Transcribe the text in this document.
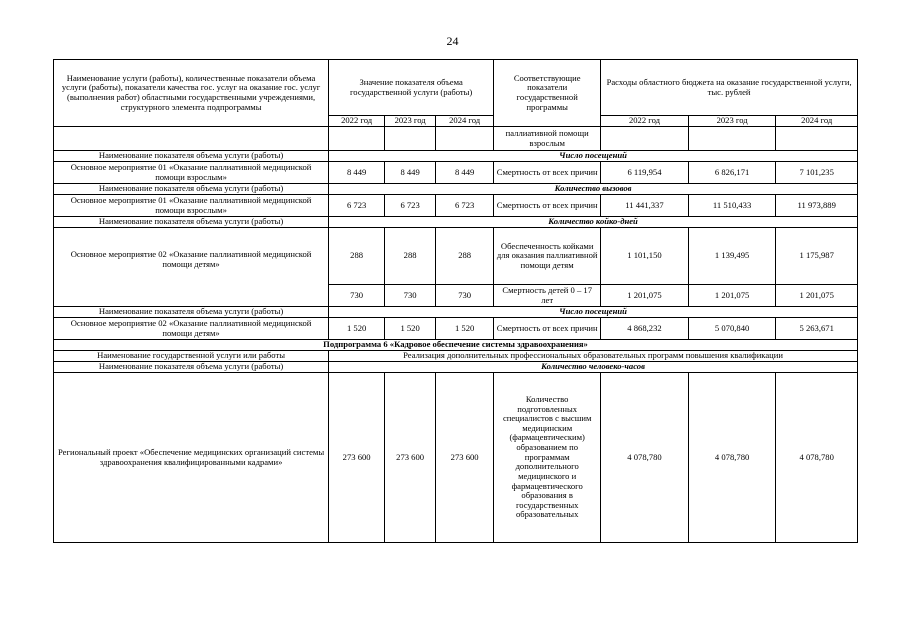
24
Наименование услуги (работы), количественные показатели объема услуги (работы), показатели качества гос. услуг на оказание гос. услуг (выполнения работ) областными государственными учреждениями, структурного элемента подпрограммы	Значение показателя объема государственной услуги (работы)			Соответствующие показатели государственной программы	Расходы областного бюджета на оказание государственной услуги, тыс. рублей		
	2022 год	2023 год	2024 год		2022 год	2023 год	2024 год
				паллиативной помощи взрослым			
Наименование показателя объема услуги (работы)	Число посещений						
Основное мероприятие 01 «Оказание паллиативной медицинской помощи взрослым»	8 449	8 449	8 449	Смертность от всех причин	6 119,954	6 826,171	7 101,235
Наименование показателя объема услуги (работы)	Количество вызовов						
Основное мероприятие 01 «Оказание паллиативной медицинской помощи взрослым»	6 723	6 723	6 723	Смертность от всех причин	11 441,337	11 510,433	11 973,889
Наименование показателя объема услуги (работы)	Количество койко-дней						
Основное мероприятие 02 «Оказание паллиативной медицинской помощи детям»	288	288	288	Обеспеченность койками для оказания паллиативной помощи детям	1 101,150	1 139,495	1 175,987
	730	730	730	Смертность детей 0 – 17 лет	1 201,075	1 201,075	1 201,075
Наименование показателя объема услуги (работы)	Число посещений						
Основное мероприятие 02 «Оказание паллиативной медицинской помощи детям»	1 520	1 520	1 520	Смертность от всех причин	4 868,232	5 070,840	5 263,671
Подпрограмма 6 «Кадровое обеспечение системы здравоохранения»							
Наименование государственной услуги или работы	Реализация дополнительных профессиональных образовательных программ повышения квалификации						
Наименование показателя объема услуги (работы)	Количество человеко-часов						
Региональный проект «Обеспечение медицинских организаций системы здравоохранения квалифицированными кадрами»	273 600	273 600	273 600	Количество подготовленных специалистов с высшим медицинским (фармацевтическим) образованием по программам дополнительного медицинского и фармацевтического образования в государственных образовательных	4 078,780	4 078,780	4 078,780
